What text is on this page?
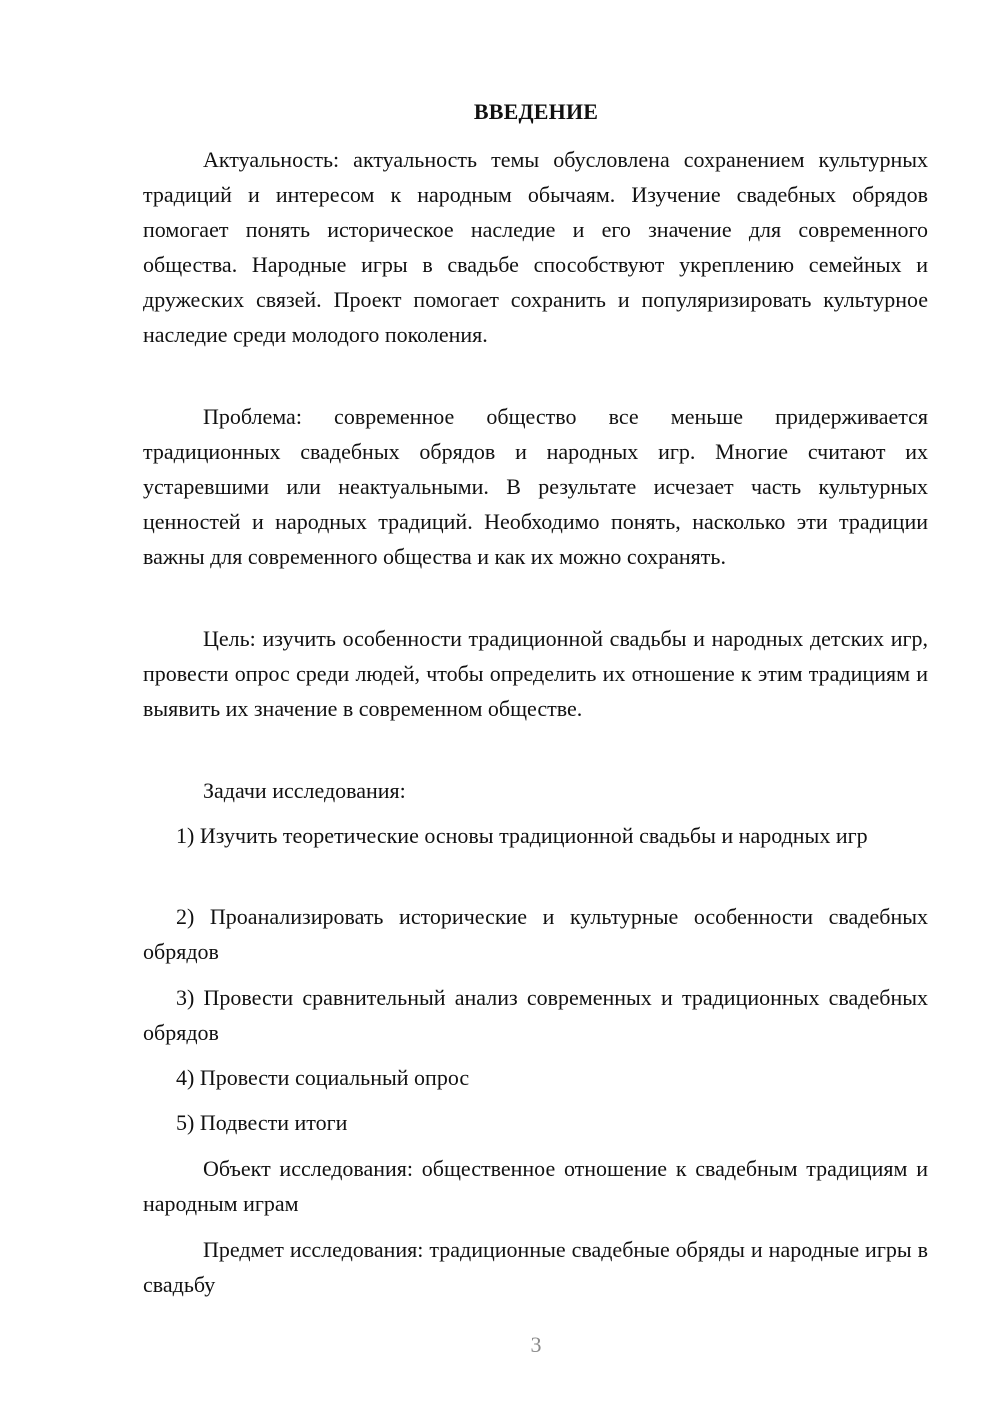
ВВЕДЕНИЕ
Актуальность: актуальность темы обусловлена сохранением культурных традиций и интересом к народным обычаям. Изучение свадебных обрядов помогает понять историческое наследие и его значение для современного общества. Народные игры в свадьбе способствуют укреплению семейных и дружеских связей. Проект помогает сохранить и популяризировать культурное наследие среди молодого поколения.
Проблема: современное общество все меньше придерживается традиционных свадебных обрядов и народных игр. Многие считают их устаревшими или неактуальными. В результате исчезает часть культурных ценностей и народных традиций. Необходимо понять, насколько эти традиции важны для современного общества и как их можно сохранять.
Цель: изучить особенности традиционной свадьбы и народных детских игр, провести опрос среди людей, чтобы определить их отношение к этим традициям и выявить их значение в современном обществе.
Задачи исследования:
1) Изучить теоретические основы традиционной свадьбы и народных игр
2) Проанализировать исторические и культурные особенности свадебных обрядов
3) Провести сравнительный анализ современных и традиционных свадебных обрядов
4) Провести социальный опрос
5) Подвести итоги
Объект исследования: общественное отношение к свадебным традициям и народным играм
Предмет исследования: традиционные свадебные обряды и народные игры в свадьбу
3
